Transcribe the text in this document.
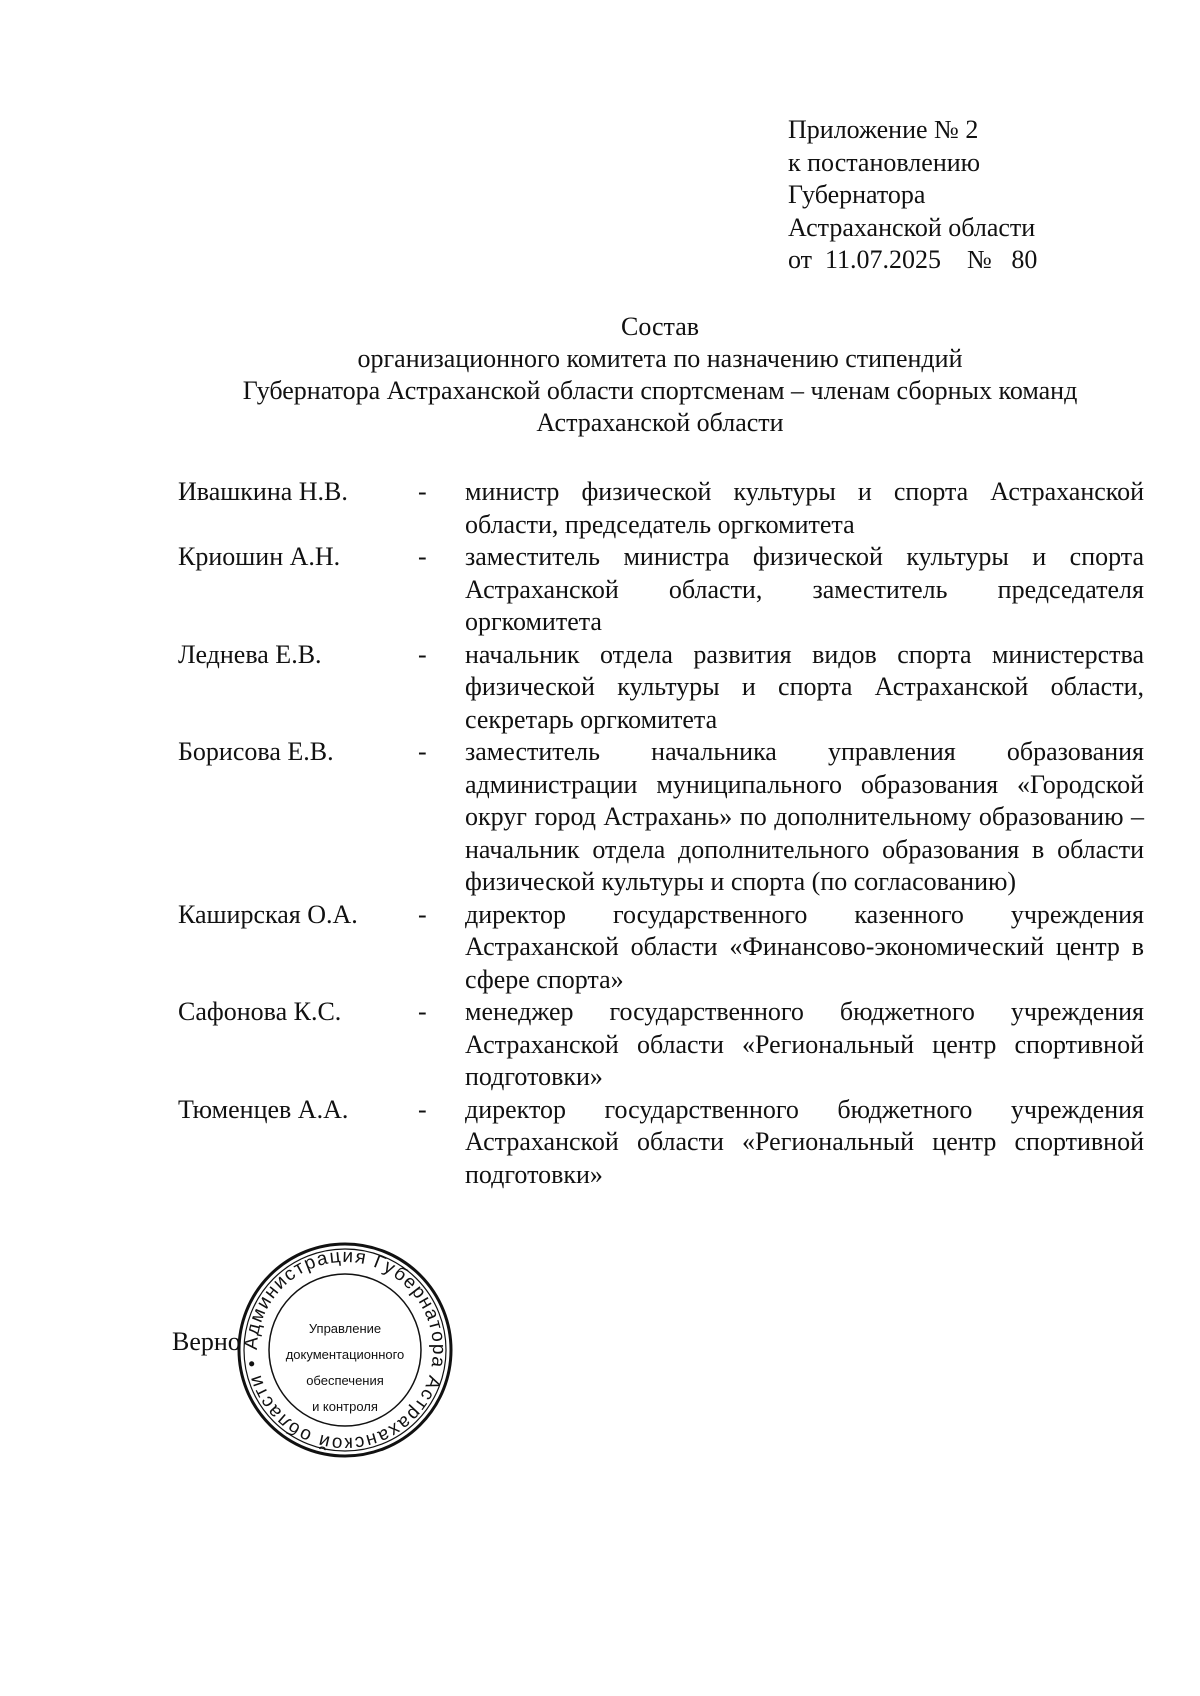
Приложение № 2
к постановлению
Губернатора
Астраханской области
от  11.07.2025    №   80
Состав
организационного комитета по назначению стипендий
Губернатора Астраханской области спортсменам – членам сборных команд
Астраханской области
Ивашкина Н.В.	-	министр физической культуры и спорта Астраханской области, председатель оргкомитета
Криошин А.Н.	-	заместитель министра физической культуры и спорта Астраханской области, заместитель председателя оргкомитета
Леднева Е.В.	-	начальник отдела развития видов спорта министерства физической культуры и спорта Астраханской области, секретарь оргкомитета
Борисова Е.В.	-	заместитель начальника управления образования администрации муниципального образования «Городской округ город Астрахань» по дополнительному образованию – начальник отдела дополнительного образования в области физической культуры и спорта (по согласованию)
Каширская О.А.	-	директор государственного казенного учреждения Астраханской области «Финансово-экономический центр в сфере спорта»
Сафонова К.С.	-	менеджер государственного бюджетного учреждения Астраханской области «Региональный центр спортивной подготовки»
Тюменцев А.А.	-	директор государственного бюджетного учреждения Астраханской области «Региональный центр спортивной подготовки»
Верно Администрация Губернатора Астраханской области •
Управление
документационного
обеспечения
и контроля
